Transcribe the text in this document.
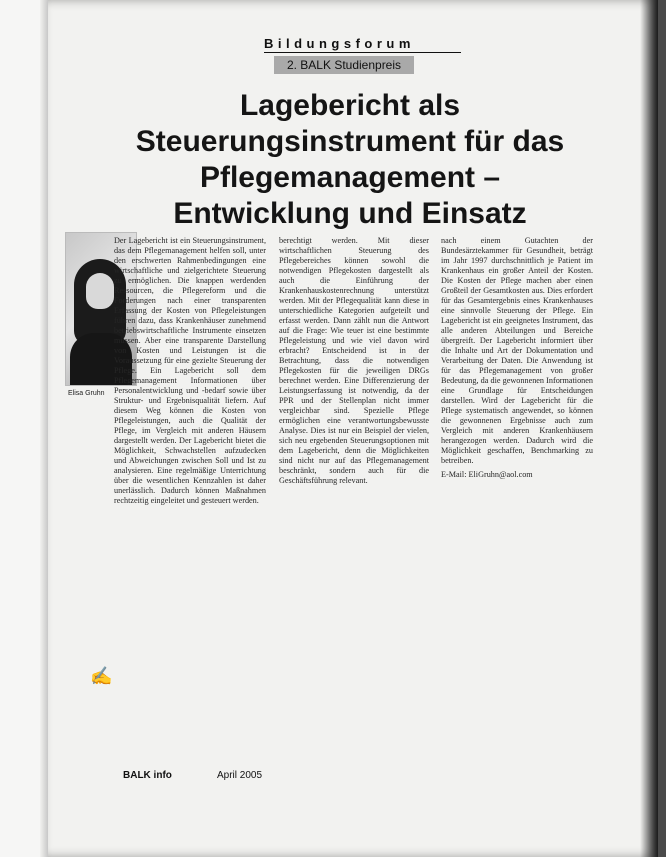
Bildungsforum
2. BALK Studienpreis
Lagebericht als Steuerungsinstrument für das Pflegemanagement – Entwicklung und Einsatz
Elisa Gruhn

Der Lagebericht ist ein Steuerungsinstrument, das dem Pflegemanagement helfen soll, unter den erschwerten Rahmenbedingungen eine wirtschaftliche und zielgerichtete Steuerung zu ermöglichen. Die knappen werdenden Ressourcen, die Pflegereform und die Forderungen nach einer transparenten Erfassung der Kosten von Pflegeleistungen führen dazu, dass Krankenhäuser zunehmend betriebswirtschaftliche Instrumente einsetzen müssen. Aber eine transparente Darstellung von Kosten und Leistungen ist die Voraussetzung für eine gezielte Steuerung der Pflege. Ein Lagebericht soll dem Pflegemanagement Informationen über Personalentwicklung und -bedarf sowie über Struktur- und Ergebnisqualität liefern. Auf diesem Weg können die Kosten von Pflegeleistungen, auch die Qualität der Pflege, im Vergleich mit anderen Häusern dargestellt werden. Der Lagebericht bietet die Möglichkeit, Schwachstellen aufzudecken und Abweichungen zwischen Soll und Ist zu analysieren. Eine regelmäßige Unterrichtung über die wesentlichen Kennzahlen ist daher unerlässlich. Dadurch können Maßnahmen rechtzeitig eingeleitet und gesteuert werden.

berechtigt werden. Mit dieser wirtschaftlichen Steuerung des Pflegebereiches können sowohl die notwendigen Pflegekosten dargestellt als auch die Einführung der Krankenhauskostenrechnung unterstützt werden. Mit der Pflegequalität kann diese in unterschiedliche Kategorien aufgeteilt und erfasst werden. Dann zählt nun die Antwort auf die Frage: Wie teuer ist eine bestimmte Pflegeleistung und wie viel davon wird erbracht? Entscheidend ist in der Betrachtung, dass die notwendigen Pflegekosten für die jeweiligen DRGs berechnet werden. Eine Differenzierung der Leistungserfassung ist notwendig, da der PPR und der Stellenplan nicht immer vergleichbar sind. Spezielle Pflege ermöglichen eine verantwortungsbewusste Analyse. Dies ist nur ein Beispiel der vielen, sich neu ergebenden Steuerungsoptionen mit dem Lagebericht, denn die Möglichkeiten sind nicht nur auf das Pflegemanagement beschränkt, sondern auch für die Geschäftsführung relevant.

nach einem Gutachten der Bundesärztekammer für Gesundheit, beträgt im Jahr 1997 durchschnittlich je Patient im Krankenhaus ein großer Anteil der Kosten. Die Kosten der Pflege machen aber einen Großteil der Gesamtkosten aus. Dies erfordert für das Gesamtergebnis eines Krankenhauses eine sinnvolle Steuerung der Pflege. Ein Lagebericht ist ein geeignetes Instrument, das alle anderen Abteilungen und Bereiche übergreift. Der Lagebericht informiert über die Inhalte und Art der Dokumentation und Verarbeitung der Daten. Die Anwendung ist für das Pflegemanagement von großer Bedeutung, da die gewonnenen Informationen eine Grundlage für Entscheidungen darstellen. Wird der Lagebericht für die Pflege systematisch angewendet, so können die gewonnenen Ergebnisse auch zum Vergleich mit anderen Krankenhäusern herangezogen werden. Dadurch wird die Möglichkeit geschaffen, Benchmarking zu betreiben.

E-Mail: EliGruhn@aol.com

✍
BALK info	April 2005
